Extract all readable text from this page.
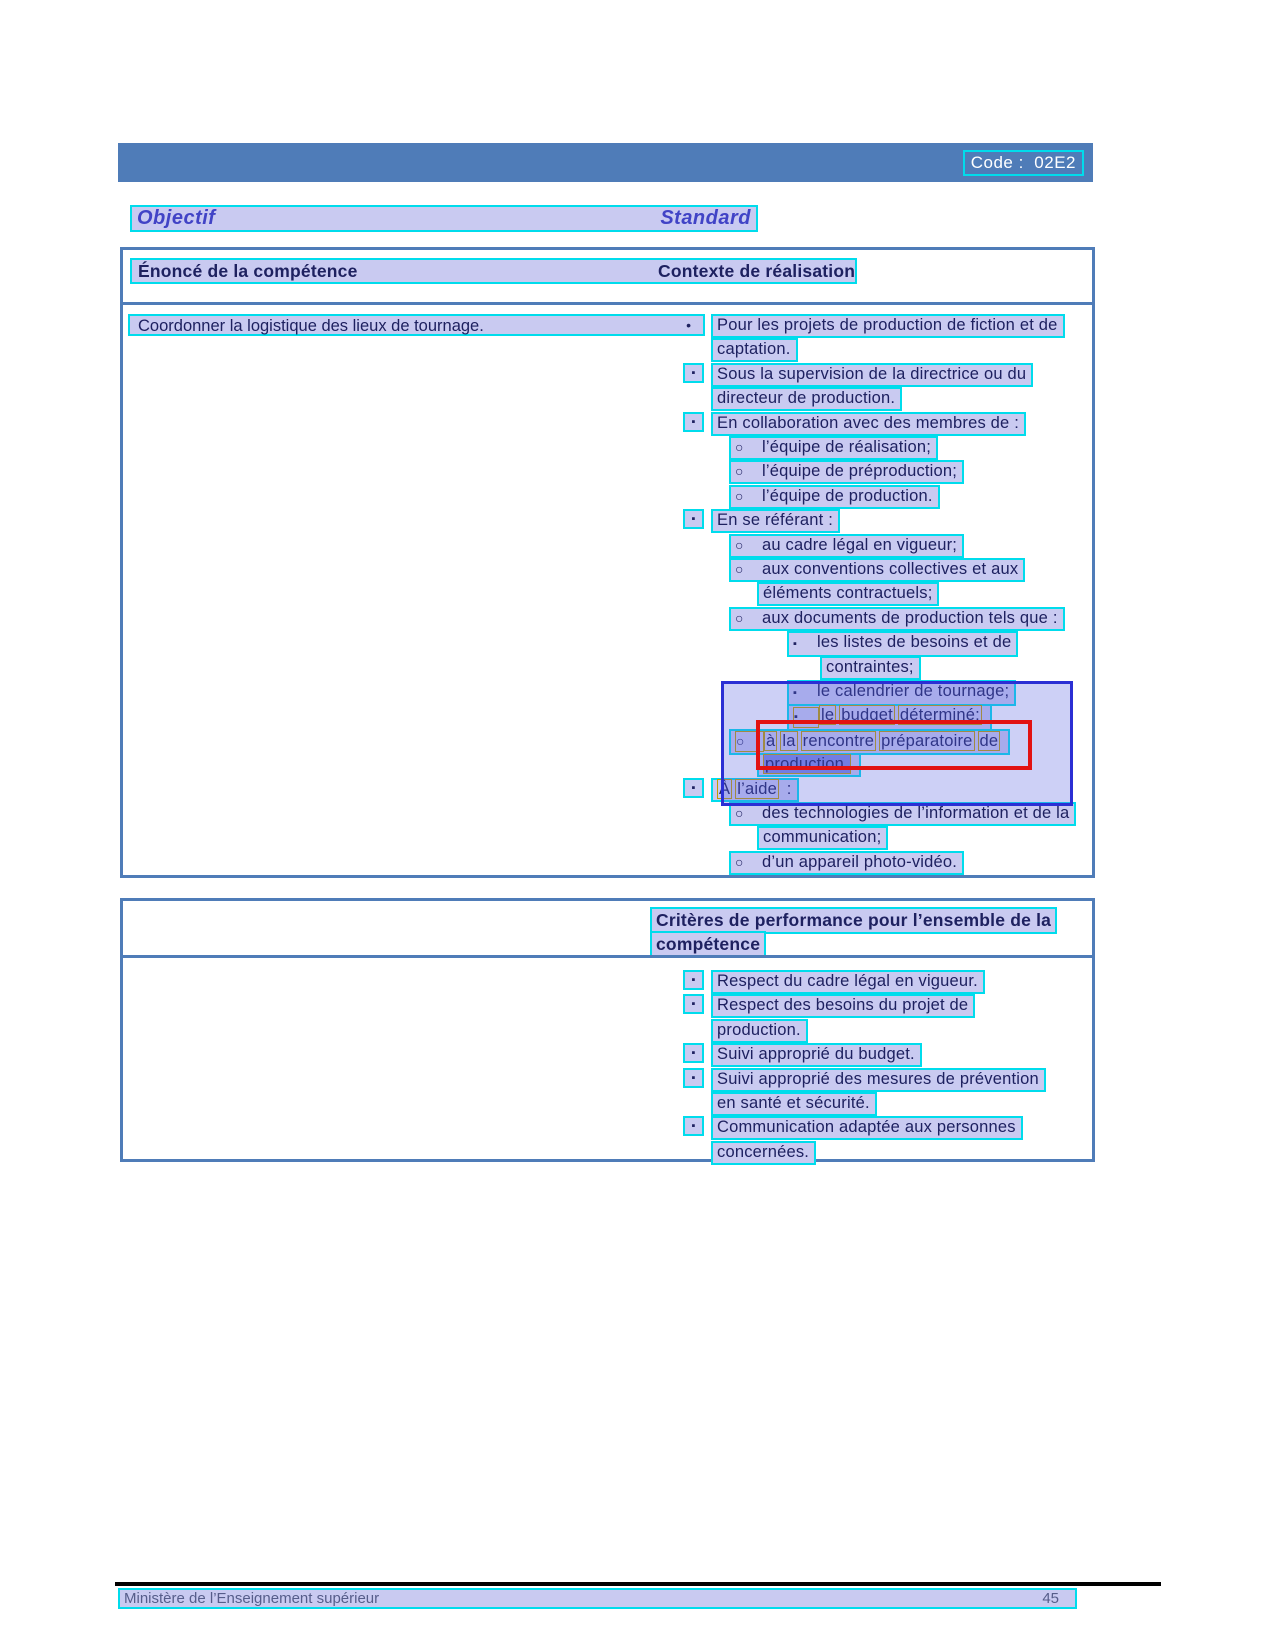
Code :  02E2
Objectif	Standard
Énoncé de la compétence	Contexte de réalisation
Coordonner la logistique des lieux de tournage.	•	Pour les projets de production de fiction et de
captation.
▪	Sous la supervision de la directrice ou du
directeur de production.
▪	En collaboration avec des membres de :
○ l’équipe de réalisation;
○ l’équipe de préproduction;
○ l’équipe de production.
▪	En se référant :
○ au cadre légal en vigueur;
○ aux conventions collectives et aux
éléments contractuels;
○ aux documents de production tels que :
▪ les listes de besoins et de
contraintes;
▪ le calendrier de tournage;
▪ le budget déterminé;
○ à la rencontre préparatoire de
production.
▪	À l’aide :
○ des technologies de l’information et de la
communication;
○ d’un appareil photo-vidéo.
Critères de performance pour l’ensemble de la
compétence
▪	Respect du cadre légal en vigueur.
▪	Respect des besoins du projet de
production.
▪	Suivi approprié du budget.
▪	Suivi approprié des mesures de prévention
en santé et sécurité.
▪	Communication adaptée aux personnes
concernées.
Ministère de l’Enseignement supérieur	45
